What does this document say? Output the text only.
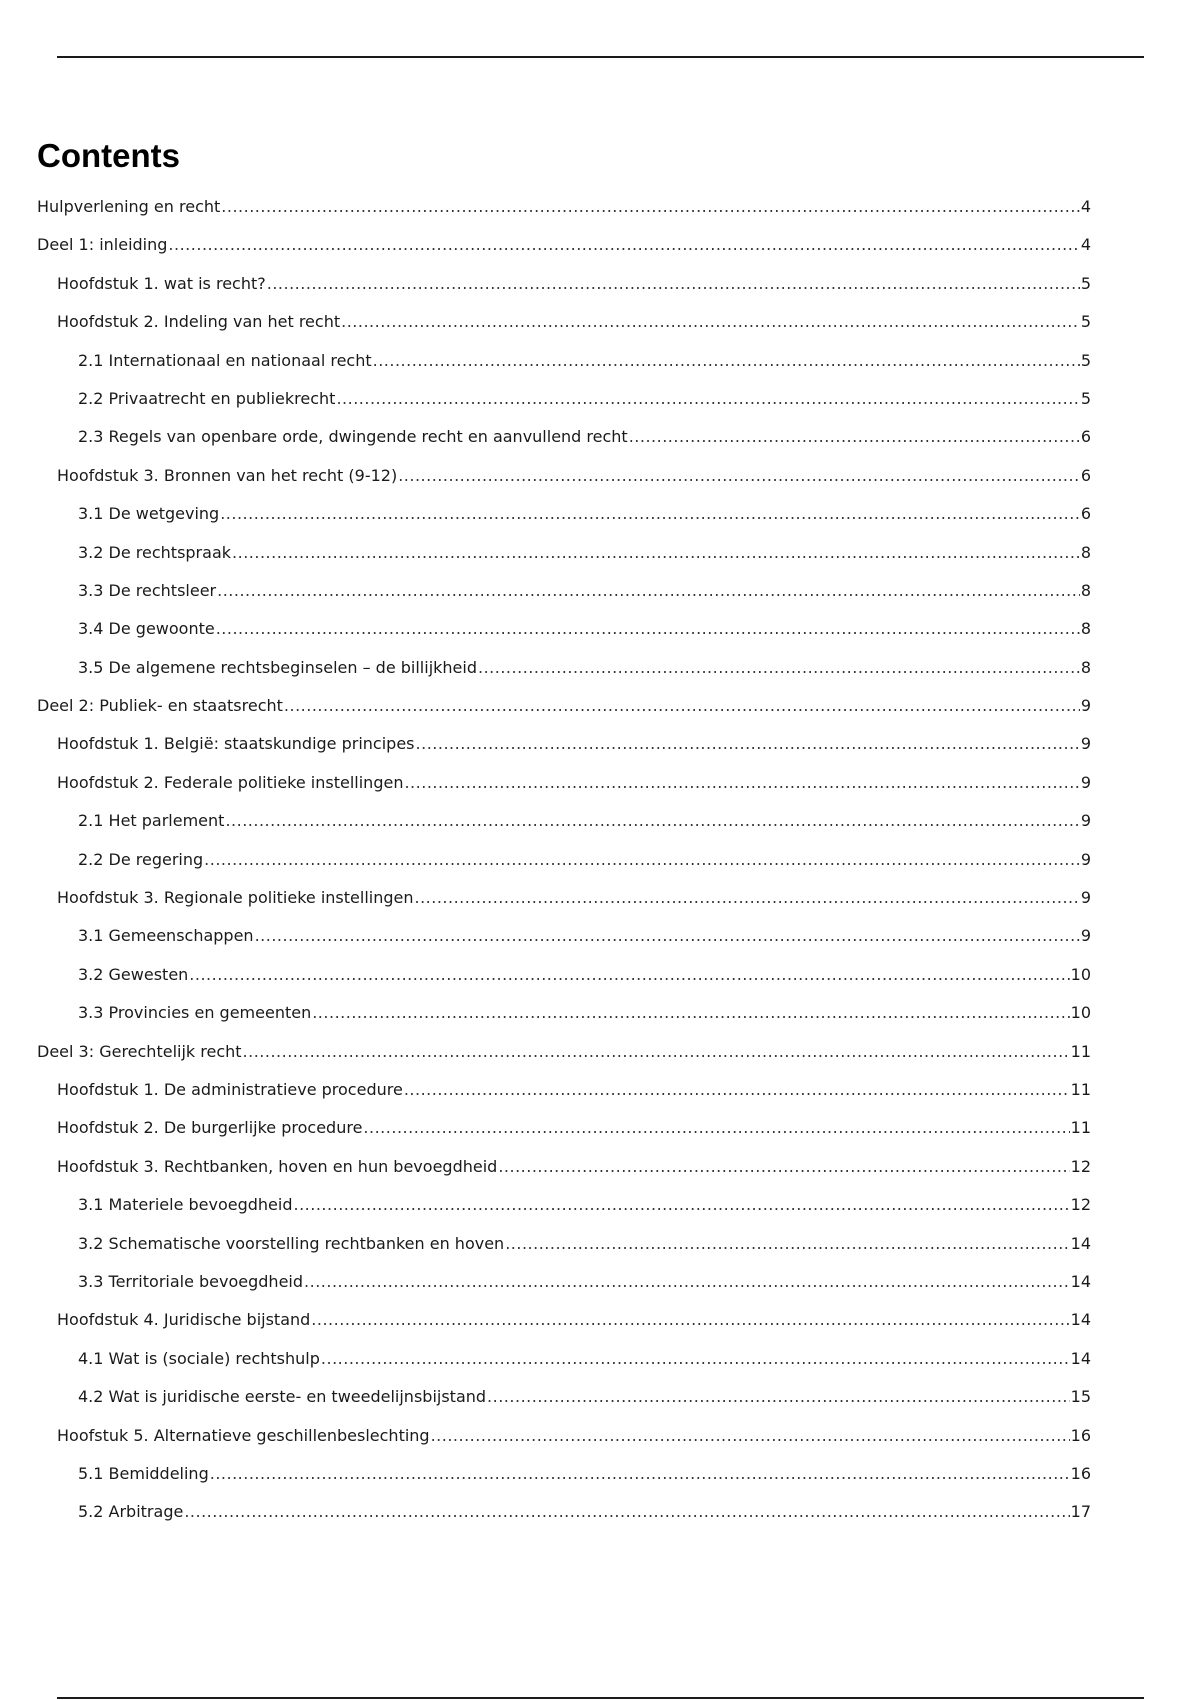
Contents
Hulpverlening en recht .....	4
Deel 1: inleiding .....	4
Hoofdstuk 1. wat is recht? .....	5
Hoofdstuk 2. Indeling van het recht .....	5
2.1 Internationaal en nationaal recht .....	5
2.2 Privaatrecht en publiekrecht .....	5
2.3 Regels van openbare orde, dwingende recht en aanvullend recht .....	6
Hoofdstuk 3. Bronnen van het recht (9-12) .....	6
3.1 De wetgeving .....	6
3.2 De rechtspraak .....	8
3.3 De rechtsleer .....	8
3.4 De gewoonte .....	8
3.5 De algemene rechtsbeginselen – de billijkheid .....	8
Deel 2: Publiek- en staatsrecht .....	9
Hoofdstuk 1. België: staatskundige principes .....	9
Hoofdstuk 2. Federale politieke instellingen .....	9
2.1 Het parlement .....	9
2.2 De regering .....	9
Hoofdstuk 3. Regionale politieke instellingen .....	9
3.1 Gemeenschappen .....	9
3.2 Gewesten .....	10
3.3 Provincies en gemeenten .....	10
Deel 3: Gerechtelijk recht .....	11
Hoofdstuk 1. De administratieve procedure .....	11
Hoofdstuk 2. De burgerlijke procedure .....	11
Hoofdstuk 3. Rechtbanken, hoven en hun bevoegdheid .....	12
3.1 Materiele bevoegdheid .....	12
3.2 Schematische voorstelling rechtbanken en hoven .....	14
3.3 Territoriale bevoegdheid .....	14
Hoofdstuk 4. Juridische bijstand .....	14
4.1 Wat is (sociale) rechtshulp .....	14
4.2 Wat is juridische eerste- en tweedelijnsbijstand .....	15
Hoofstuk 5. Alternatieve geschillenbeslechting .....	16
5.1 Bemiddeling .....	16
5.2 Arbitrage .....	17
